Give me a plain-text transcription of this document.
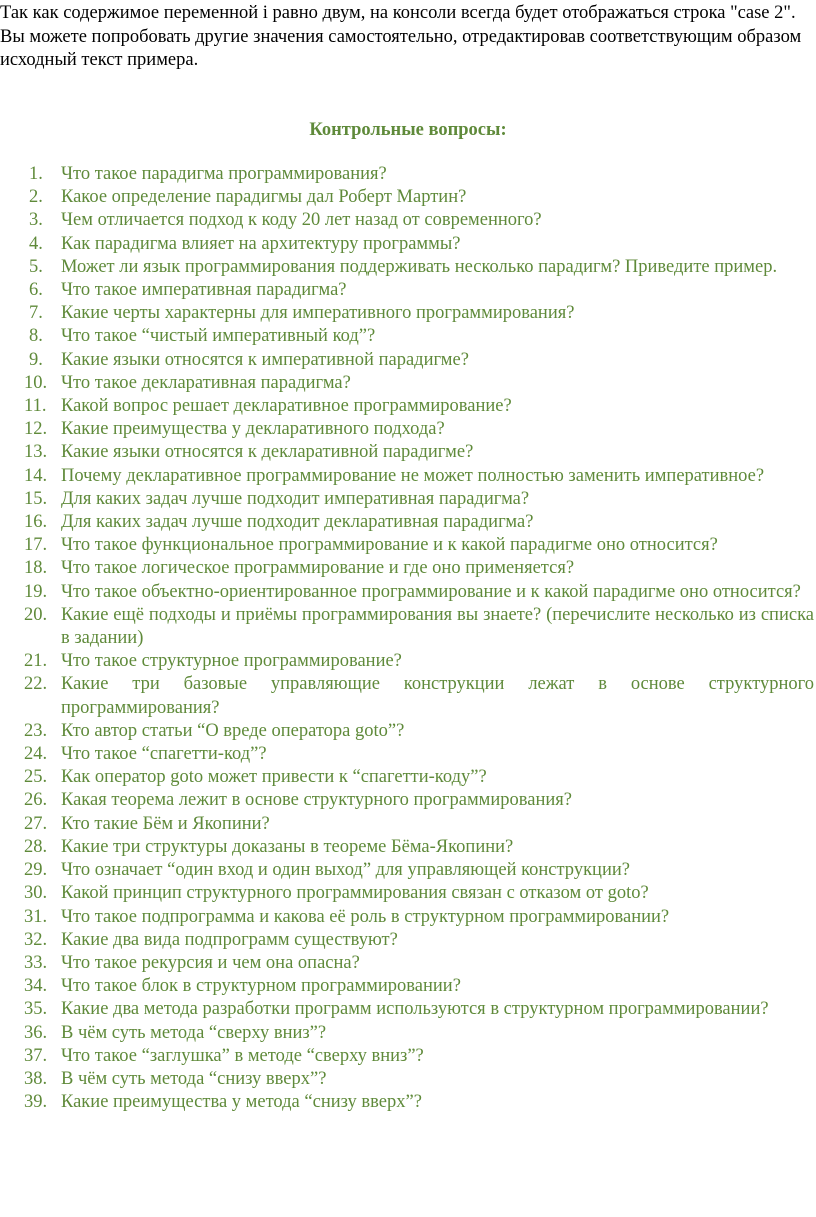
Так как содержимое переменной i равно двум, на консоли всегда будет отображаться строка "case 2". Вы можете попробовать другие значения самостоятельно, отредактировав соответствующим образом исходный текст примера.

Контрольные вопросы:
1. Что такое парадигма программирования?
2. Какое определение парадигмы дал Роберт Мартин?
3. Чем отличается подход к коду 20 лет назад от современного?
4. Как парадигма влияет на архитектуру программы?
5. Может ли язык программирования поддерживать несколько парадигм? Приведите пример.
6. Что такое императивная парадигма?
7. Какие черты характерны для императивного программирования?
8. Что такое “чистый императивный код”?
9. Какие языки относятся к императивной парадигме?
10. Что такое декларативная парадигма?
11. Какой вопрос решает декларативное программирование?
12. Какие преимущества у декларативного подхода?
13. Какие языки относятся к декларативной парадигме?
14. Почему декларативное программирование не может полностью заменить императивное?
15. Для каких задач лучше подходит императивная парадигма?
16. Для каких задач лучше подходит декларативная парадигма?
17. Что такое функциональное программирование и к какой парадигме оно относится?
18. Что такое логическое программирование и где оно применяется?
19. Что такое объектно-ориентированное программирование и к какой парадигме оно относится?
20. Какие ещё подходы и приёмы программирования вы знаете? (перечислите несколько из списка в задании)
21. Что такое структурное программирование?
22. Какие три базовые управляющие конструкции лежат в основе структурного программирования?
23. Кто автор статьи “О вреде оператора goto”?
24. Что такое “спагетти-код”?
25. Как оператор goto может привести к “спагетти-коду”?
26. Какая теорема лежит в основе структурного программирования?
27. Кто такие Бём и Якопини?
28. Какие три структуры доказаны в теореме Бёма-Якопини?
29. Что означает “один вход и один выход” для управляющей конструкции?
30. Какой принцип структурного программирования связан с отказом от goto?
31. Что такое подпрограмма и какова её роль в структурном программировании?
32. Какие два вида подпрограмм существуют?
33. Что такое рекурсия и чем она опасна?
34. Что такое блок в структурном программировании?
35. Какие два метода разработки программ используются в структурном программировании?
36. В чём суть метода “сверху вниз”?
37. Что такое “заглушка” в методе “сверху вниз”?
38. В чём суть метода “снизу вверх”?
39. Какие преимущества у метода “снизу вверх”?
